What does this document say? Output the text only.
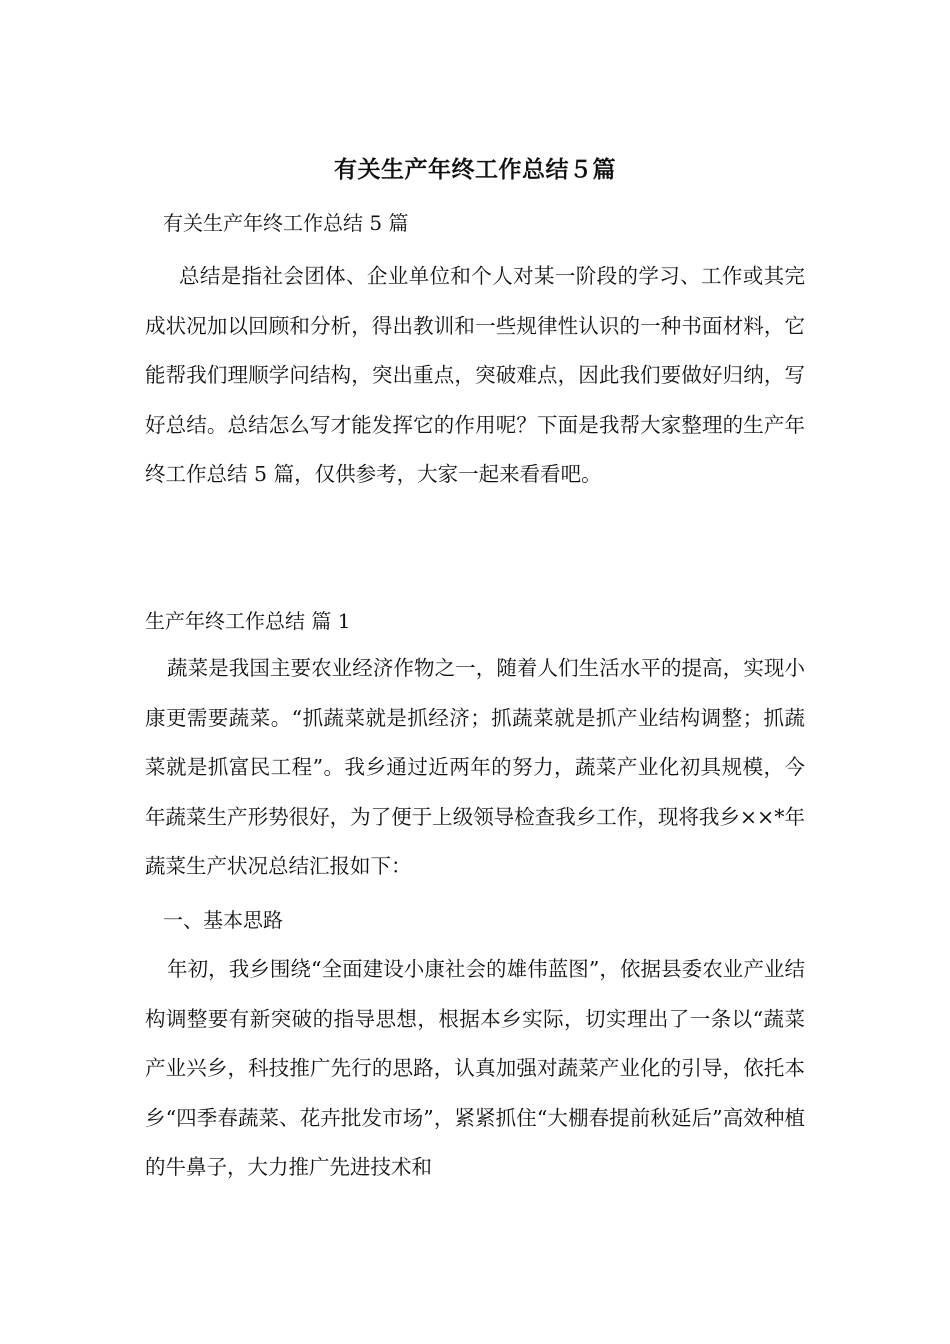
有关生产年终工作总结５篇
有关生产年终工作总结 5 篇

总结是指社会团体、企业单位和个人对某一阶段的学习、工作或其完成状况加以回顾和分析，得出教训和一些规律性认识的一种书面材料，它能帮我们理顺学问结构，突出重点，突破难点，因此我们要做好归纳，写好总结。总结怎么写才能发挥它的作用呢？下面是我帮大家整理的生产年终工作总结 5 篇，仅供参考，大家一起来看看吧。

生产年终工作总结 篇 1

蔬菜是我国主要农业经济作物之一，随着人们生活水平的提高，实现小康更需要蔬菜。“抓蔬菜就是抓经济；抓蔬菜就是抓产业结构调整；抓蔬菜就是抓富民工程”。我乡通过近两年的努力，蔬菜产业化初具规模，今年蔬菜生产形势很好，为了便于上级领导检查我乡工作，现将我乡××*年蔬菜生产状况总结汇报如下：

一、基本思路

年初，我乡围绕“全面建设小康社会的雄伟蓝图”，依据县委农业产业结构调整要有新突破的指导思想，根据本乡实际，切实理出了一条以“蔬菜产业兴乡，科技推广先行的思路，认真加强对蔬菜产业化的引导，依托本乡“四季春蔬菜、花卉批发市场”，紧紧抓住“大棚春提前秋延后”高效种植的牛鼻子，大力推广先进技术和
